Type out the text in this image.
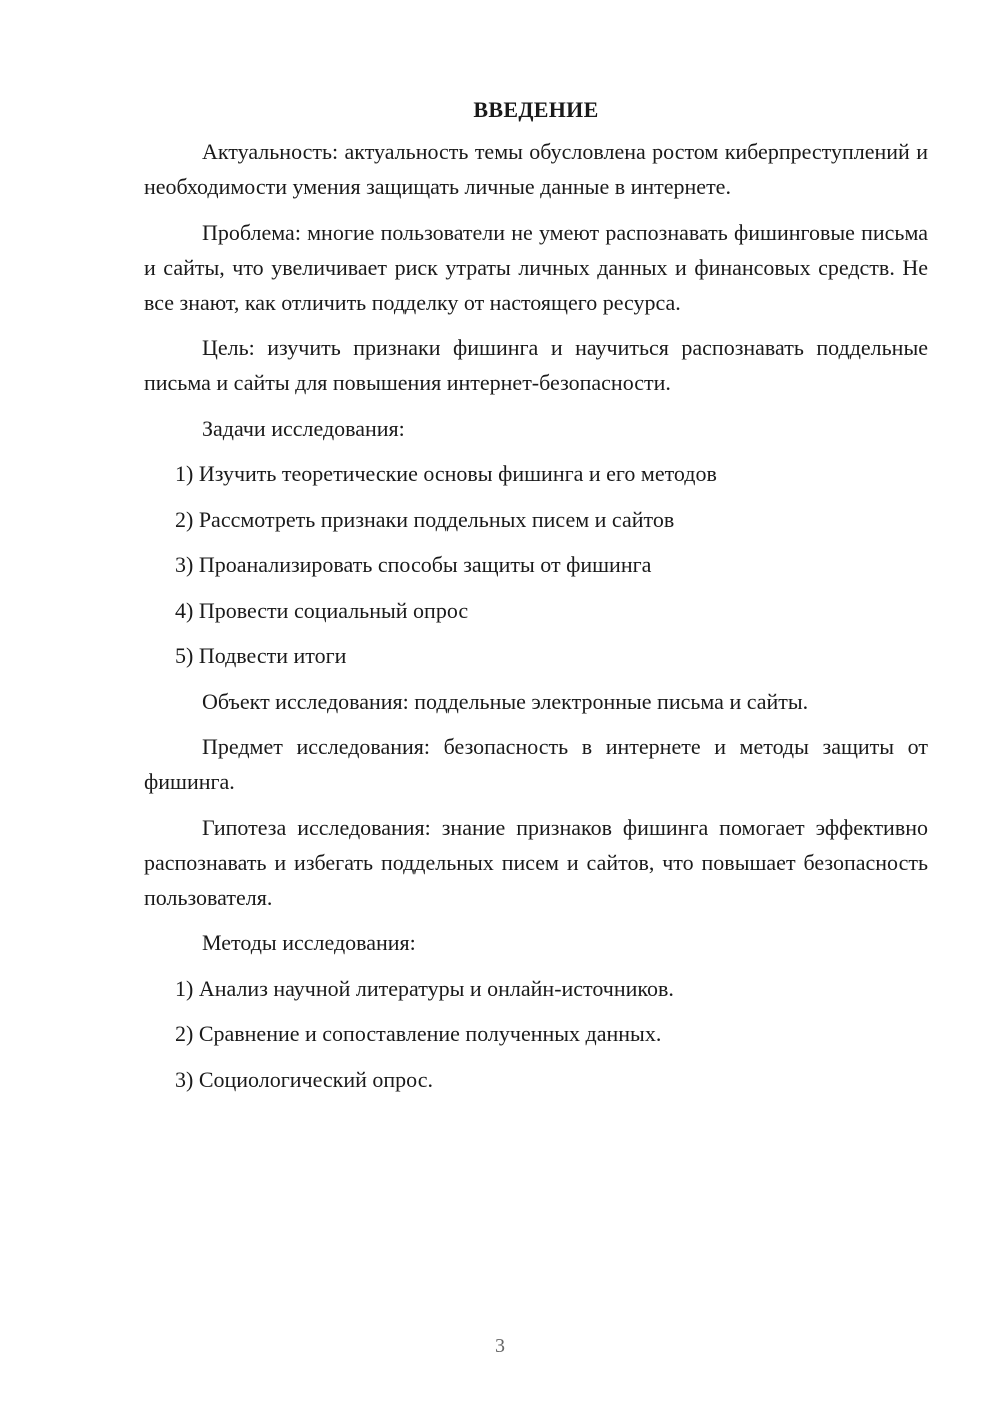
ВВЕДЕНИЕ

Актуальность: актуальность темы обусловлена ростом киберпреступлений и необходимости умения защищать личные данные в интернете.

Проблема: многие пользователи не умеют распознавать фишинговые письма и сайты, что увеличивает риск утраты личных данных и финансовых средств. Не все знают, как отличить подделку от настоящего ресурса.

Цель: изучить признаки фишинга и научиться распознавать поддельные письма и сайты для повышения интернет-безопасности.

Задачи исследования:

1) Изучить теоретические основы фишинга и его методов
2) Рассмотреть признаки поддельных писем и сайтов
3) Проанализировать способы защиты от фишинга
4) Провести социальный опрос
5) Подвести итоги

Объект исследования: поддельные электронные письма и сайты.

Предмет исследования: безопасность в интернете и методы защиты от фишинга.

Гипотеза исследования: знание признаков фишинга помогает эффективно распознавать и избегать поддельных писем и сайтов, что повышает безопасность пользователя.

Методы исследования:

1) Анализ научной литературы и онлайн-источников.
2) Сравнение и сопоставление полученных данных.
3) Социологический опрос.
3
